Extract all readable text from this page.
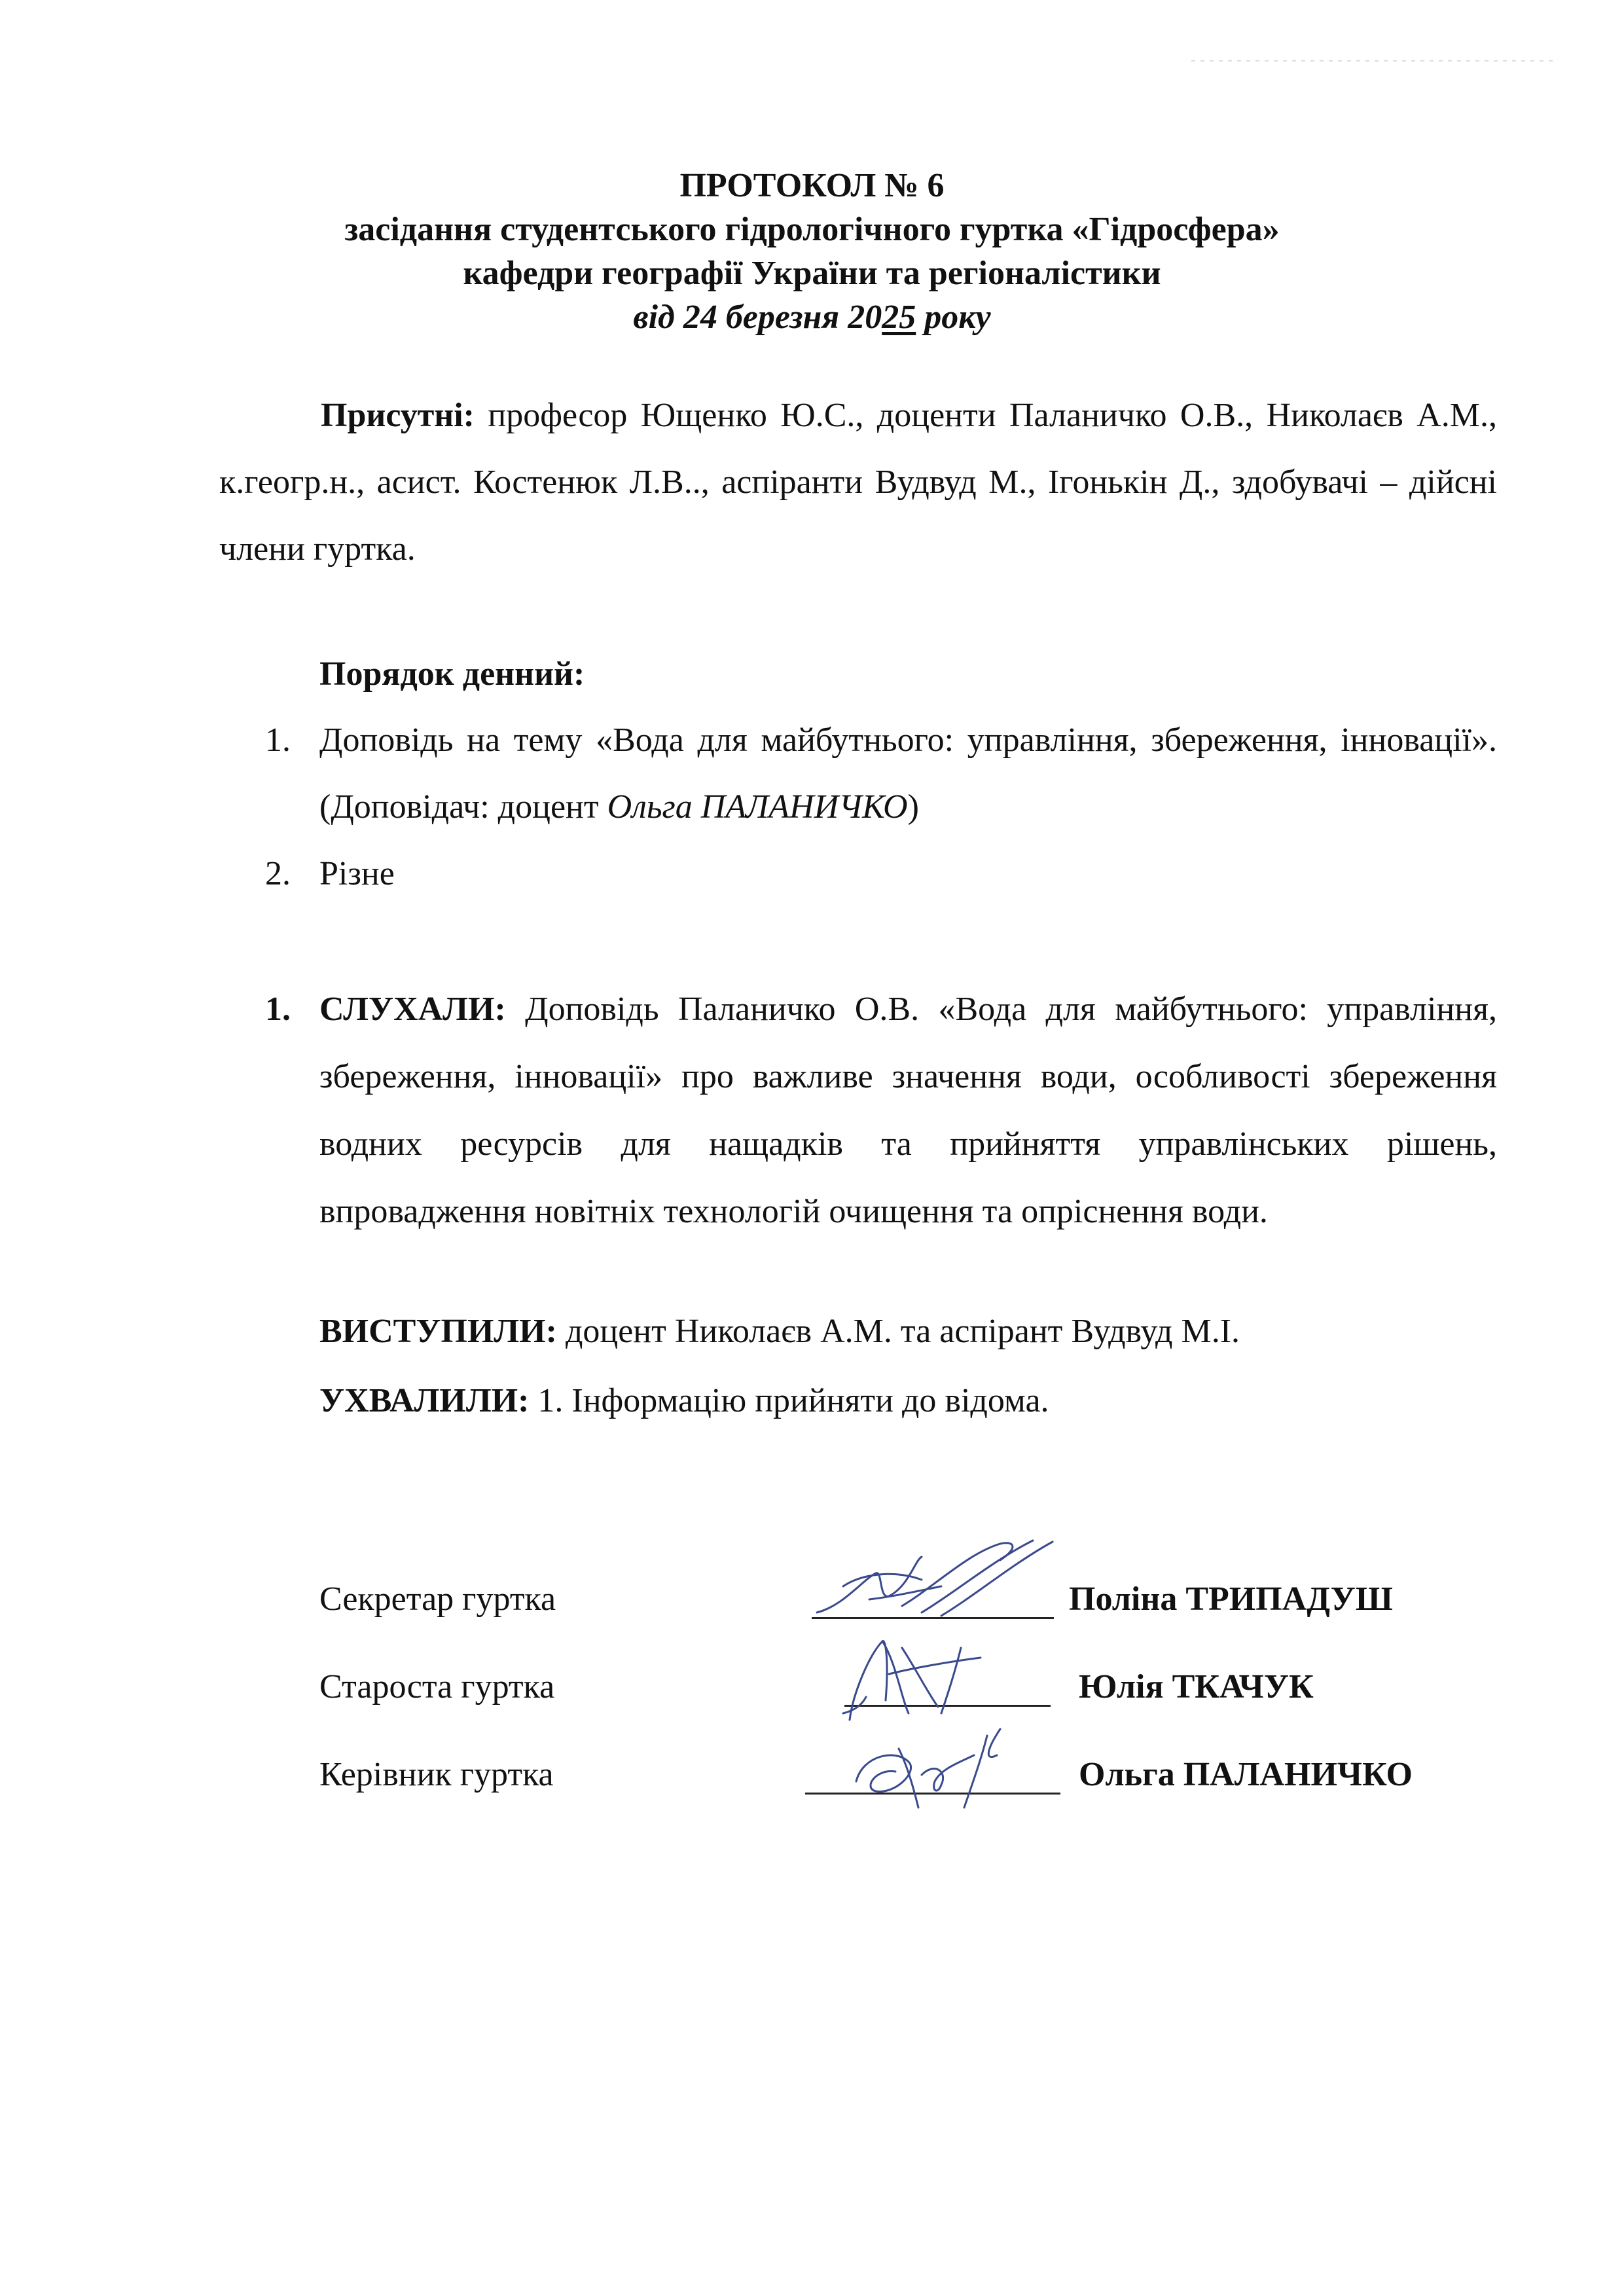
ПРОТОКОЛ № 6
засідання студентського гідрологічного гуртка «Гідросфера»
кафедри географії України та регіоналістики
від 24 березня 2025 року
Присутні: професор Ющенко Ю.С., доценти Паланичко О.В., Николаєв А.М., к.геогр.н., асист. Костенюк Л.В.., аспіранти Вудвуд М., Ігонькін Д., здобувачі – дійсні члени гуртка.
Порядок денний:
1. Доповідь на тему «Вода для майбутнього: управління, збереження, інновації». (Доповідач: доцент Ольга ПАЛАНИЧКО)
2. Різне
1. СЛУХАЛИ: Доповідь Паланичко О.В. «Вода для майбутнього: управління, збереження, інновації» про важливе значення води, особливості збереження водних ресурсів для нащадків та прийняття управлінських рішень, впровадження новітніх технологій очищення та опріснення води.
ВИСТУПИЛИ: доцент Николаєв А.М. та аспірант Вудвуд М.І.
УХВАЛИЛИ: 1. Інформацію прийняти до відома.
Секретар гуртка	Поліна ТРИПАДУШ
Староста гуртка	Юлія ТКАЧУК
Керівник гуртка	Ольга ПАЛАНИЧКО
